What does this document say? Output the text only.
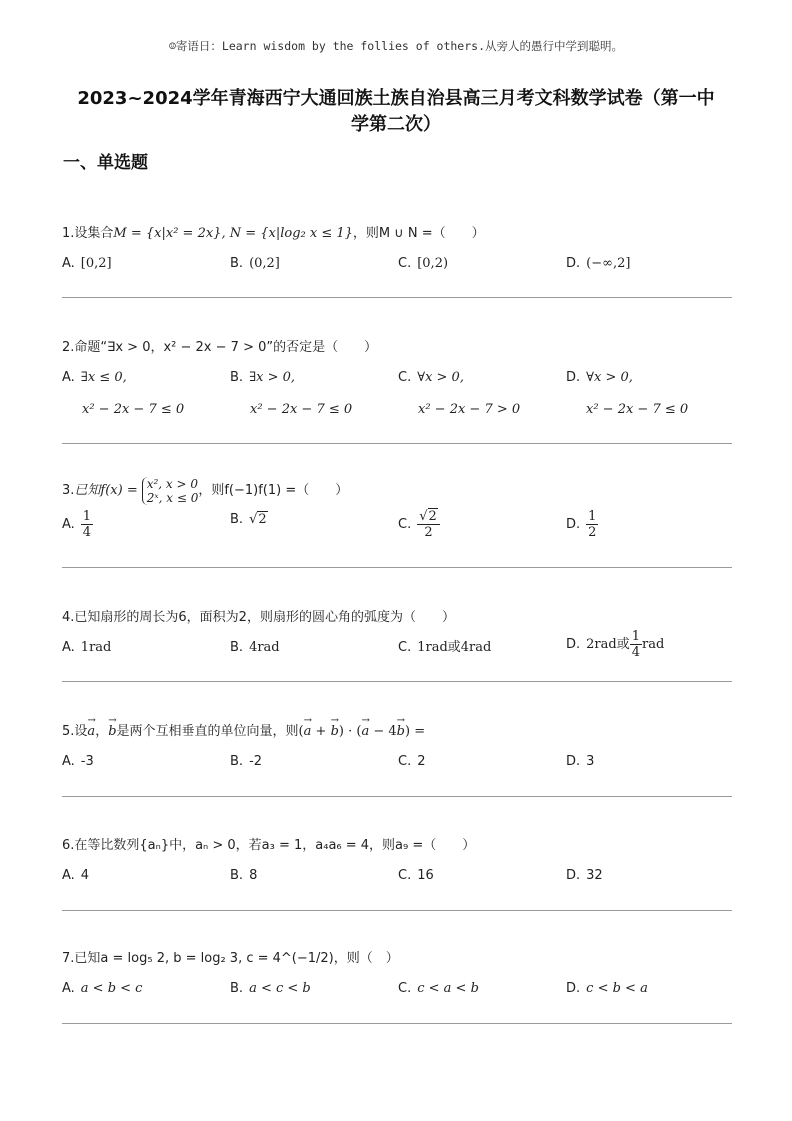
☺寄语日：Learn wisdom by the follies of others.从旁人的愚行中学到聪明。
2023~2024学年青海西宁大通回族土族自治县高三月考文科数学试卷（第一中
学第二次）
一、单选题
1.设集合M = {x|x² = 2x}, N = {x|log₂ x ≤ 1}，则M ∪ N =（　　）
A. [0,2]	B. (0,2]	C. [0,2)	D. (−∞,2]
2.命题“∃x > 0，x² − 2x − 7 > 0”的否定是（　　）
A. ∃x ≤ 0,
x² − 2x − 7 ≤ 0
B. ∃x > 0,
x² − 2x − 7 ≤ 0
C. ∀x > 0,
x² − 2x − 7 > 0
D. ∀x > 0,
x² − 2x − 7 ≤ 0
3. 已知f(x) = x², x > 0
2ˣ, x ≤ 0 ，则f(−1)f(1) =（　　）
A. $\frac{1}{4}$	B. √2	C. $\frac{√2}{2}$	D. $\frac{1}{2}$
4.已知扇形的周长为6，面积为2，则扇形的圆心角的弧度为（　　）
A. 1rad	B. 4rad	C. 1rad或4rad	D. 2rad或 $\frac{1}{4}$ rad
5.设→ a，→ b是两个互相垂直的单位向量，则(→ a + → b) · (→ a − 4→ b) =
A. -3	B. -2	C. 2	D. 3
6.在等比数列{aₙ}中，aₙ > 0，若a₃ = 1，a₄a₆ = 4，则a₉ =（　　）
A. 4	B. 8	C. 16	D. 32
7.已知a = log₅ 2, b = log₂ 3, c = 4^(−1/2)，则（　）
A. a < b < c	B. a < c < b	C. c < a < b	D. c < b < a
